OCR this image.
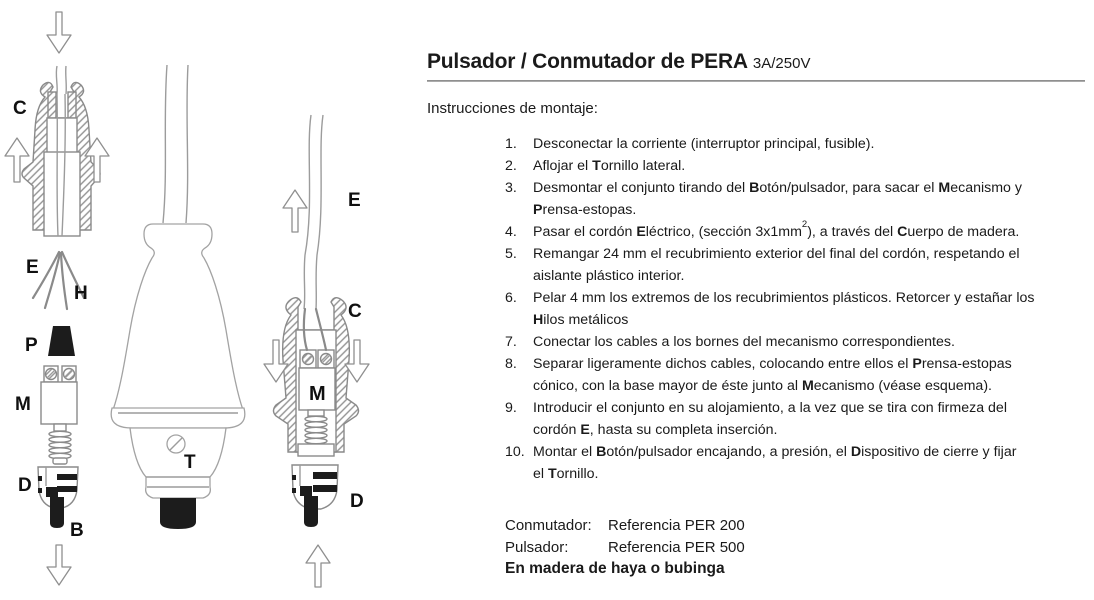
C
E
H
P
M
D
B
T
E
C
M
D
Pulsador / Conmutador de PERA 3A/250V
Instrucciones de montaje:
1.	Desconectar la corriente (interruptor principal, fusible).
2.	Aflojar el Tornillo lateral.
3.	Desmontar el conjunto tirando del Botón/pulsador, para sacar el Mecanismo y
Prensa-estopas.
4.	Pasar el cordón Eléctrico, (sección $3x1mm^2$), a través del Cuerpo de madera.
5.	Remangar 24 mm el recubrimiento exterior del final del cordón, respetando el
aislante plástico interior.
6.	Pelar 4 mm los extremos de los recubrimientos plásticos. Retorcer y estañar los
Hilos metálicos
7.	Conectar los cables a los bornes del mecanismo correspondientes.
8.	Separar ligeramente dichos cables, colocando entre ellos el Prensa-estopas
cónico, con la base mayor de éste junto al Mecanismo (véase esquema).
9.	Introducir el conjunto en su alojamiento, a la vez que se tira con firmeza del
cordón E, hasta su completa inserción.
10. Montar el Botón/pulsador encajando, a presión, el Dispositivo de cierre y fijar
el Tornillo.
Conmutador: Referencia PER 200
Pulsador:	Referencia PER 500
En madera de haya o bubinga
